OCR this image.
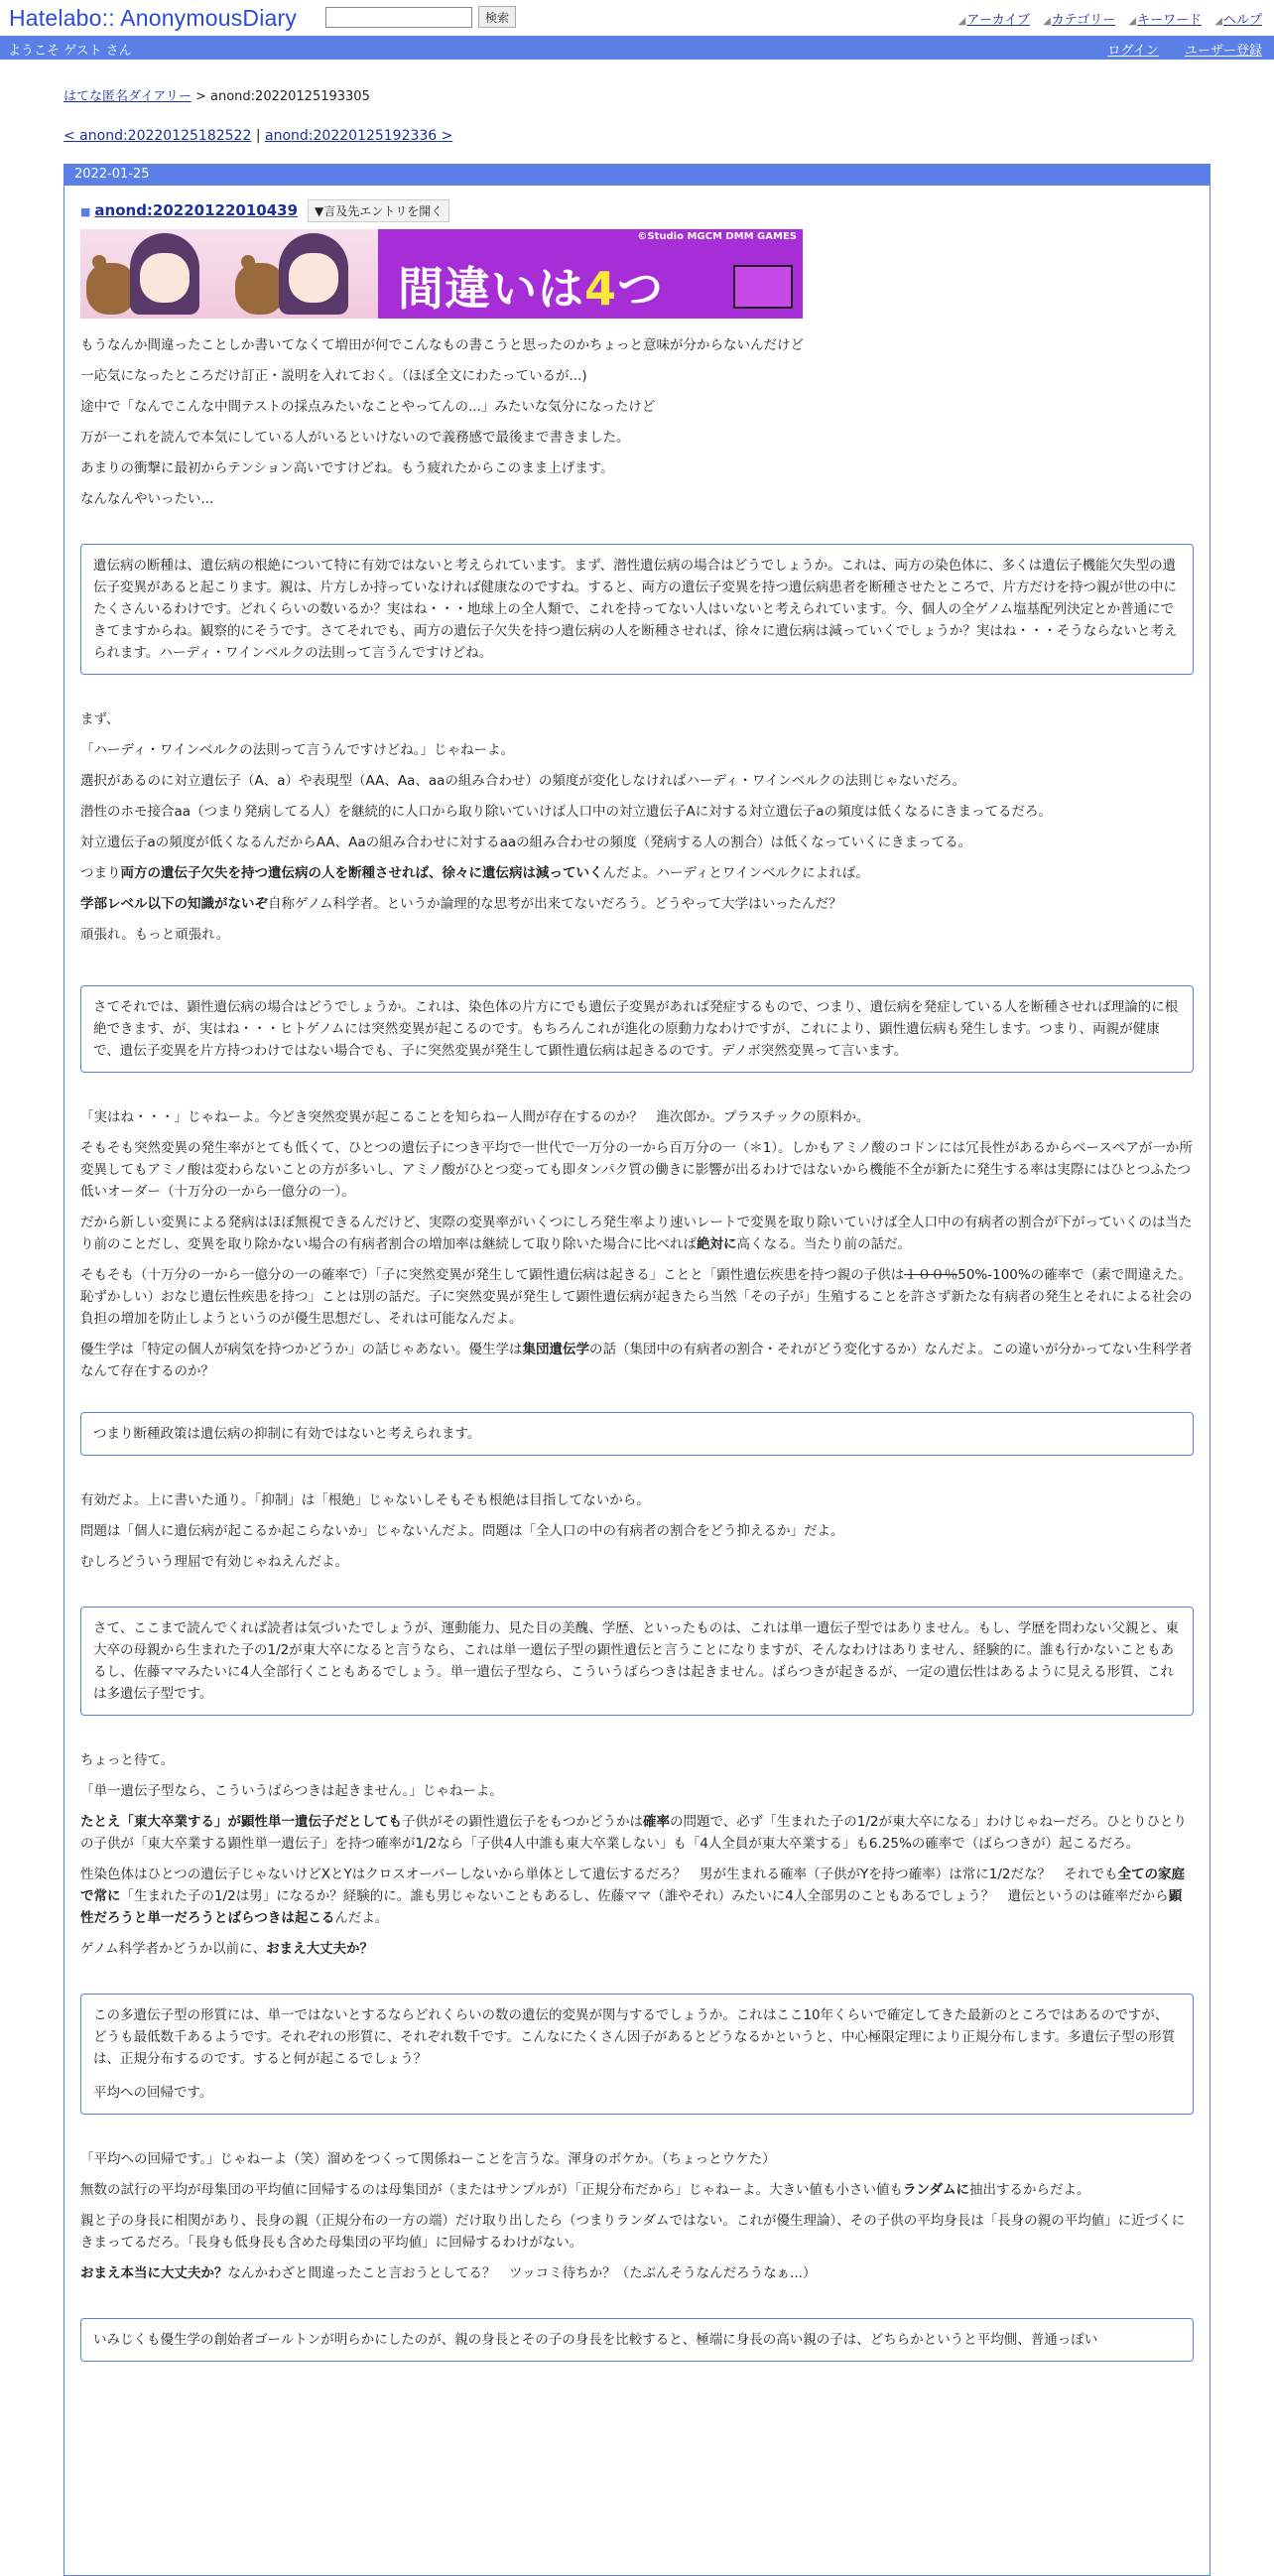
Hatelabo:: AnonymousDiary	検索	◢アーカイブ ◢カテゴリー ◢キーワード ◢ヘルプ
ようこそ ゲスト さん	ログイン ユーザー登録
はてな匿名ダイアリー > anond:20220125193305
< anond:20220125182522 | anond:20220125192336 >
2022-01-25
■ anond:20220122010439 ▼言及先エントリを開く
©Studio MGCM DMM GAMES
間違いは4つ

もうなんか間違ったことしか書いてなくて増田が何でこんなもの書こうと思ったのかちょっと意味が分からないんだけど

一応気になったところだけ訂正・説明を入れておく。（ほぼ全文にわたっているが...)

途中で「なんでこんな中間テストの採点みたいなことやってんの...」みたいな気分になったけど

万が一これを読んで本気にしている人がいるといけないので義務感で最後まで書きました。

あまりの衝撃に最初からテンション高いですけどね。もう疲れたからこのまま上げます。

なんなんやいったい...

遺伝病の断種は、遺伝病の根絶について特に有効ではないと考えられています。まず、潜性遺伝病の場合はどうでしょうか。これは、両方の染色体に、多くは遺伝子機能欠失型の遺伝子変異があると起こります。親は、片方しか持っていなければ健康なのですね。すると、両方の遺伝子変異を持つ遺伝病患者を断種させたところで、片方だけを持つ親が世の中にたくさんいるわけです。どれくらいの数いるか？実はね・・・地球上の全人類で、これを持ってない人はいないと考えられています。今、個人の全ゲノム塩基配列決定とか普通にできてますからね。観察的にそうです。さてそれでも、両方の遺伝子欠失を持つ遺伝病の人を断種させれば、徐々に遺伝病は減っていくでしょうか？実はね・・・そうならないと考えられます。ハーディ・ワインベルクの法則って言うんですけどね。

まず、

「ハーディ・ワインベルクの法則って言うんですけどね。」じゃねーよ。

選択があるのに対立遺伝子（A、a）や表現型（AA、Aa、aaの組み合わせ）の頻度が変化しなければハーディ・ワインベルクの法則じゃないだろ。

潜性のホモ接合aa（つまり発病してる人）を継続的に人口から取り除いていけば人口中の対立遺伝子Aに対する対立遺伝子aの頻度は低くなるにきまってるだろ。

対立遺伝子aの頻度が低くなるんだからAA、Aaの組み合わせに対するaaの組み合わせの頻度（発病する人の割合）は低くなっていくにきまってる。

つまり両方の遺伝子欠失を持つ遺伝病の人を断種させれば、徐々に遺伝病は減っていくんだよ。ハーディとワインベルクによれば。

学部レベル以下の知識がないぞ自称ゲノム科学者。というか論理的な思考が出来てないだろう。どうやって大学はいったんだ？

頑張れ。もっと頑張れ。

さてそれでは、顕性遺伝病の場合はどうでしょうか。これは、染色体の片方にでも遺伝子変異があれば発症するもので、つまり、遺伝病を発症している人を断種させれば理論的に根絶できます、が、実はね・・・ヒトゲノムには突然変異が起こるのです。もちろんこれが進化の原動力なわけですが、これにより、顕性遺伝病も発生します。つまり、両親が健康で、遺伝子変異を片方持つわけではない場合でも、子に突然変異が発生して顕性遺伝病は起きるのです。デノボ突然変異って言います。

「実はね・・・」じゃねーよ。今どき突然変異が起こることを知らねー人間が存在するのか？　進次郎か。プラスチックの原料か。

そもそも突然変異の発生率がとても低くて、ひとつの遺伝子につき平均で一世代で一万分の一から百万分の一（＊1）。しかもアミノ酸のコドンには冗長性があるからベースペアが一か所変異してもアミノ酸は変わらないことの方が多いし、アミノ酸がひとつ変っても即タンパク質の働きに影響が出るわけではないから機能不全が新たに発生する率は実際にはひとつふたつ低いオーダー（十万分の一から一億分の一）。

だから新しい変異による発病はほぼ無視できるんだけど、実際の変異率がいくつにしろ発生率より速いレートで変異を取り除いていけば全人口中の有病者の割合が下がっていくのは当たり前のことだし、変異を取り除かない場合の有病者割合の増加率は継続して取り除いた場合に比べれば絶対に高くなる。当たり前の話だ。

そもそも（十万分の一から一億分の一の確率で）「子に突然変異が発生して顕性遺伝病は起きる」ことと「顕性遺伝疾患を持つ親の子供は１００％50%-100%の確率で（素で間違えた。恥ずかしい）おなじ遺伝性疾患を持つ」ことは別の話だ。子に突然変異が発生して顕性遺伝病が起きたら当然「その子が」生殖することを許さず新たな有病者の発生とそれによる社会の負担の増加を防止しようというのが優生思想だし、それは可能なんだよ。

優生学は「特定の個人が病気を持つかどうか」の話じゃあない。優生学は集団遺伝学の話（集団中の有病者の割合・それがどう変化するか）なんだよ。この違いが分かってない生科学者なんて存在するのか？

つまり断種政策は遺伝病の抑制に有効ではないと考えられます。

有効だよ。上に書いた通り。「抑制」は「根絶」じゃないしそもそも根絶は目指してないから。

問題は「個人に遺伝病が起こるか起こらないか」じゃないんだよ。問題は「全人口の中の有病者の割合をどう抑えるか」だよ。

むしろどういう理屈で有効じゃねえんだよ。

さて、ここまで読んでくれば読者は気づいたでしょうが、運動能力、見た目の美醜、学歴、といったものは、これは単一遺伝子型ではありません。もし、学歴を問わない父親と、東大卒の母親から生まれた子の1/2が東大卒になると言うなら、これは単一遺伝子型の顕性遺伝と言うことになりますが、そんなわけはありません、経験的に。誰も行かないこともあるし、佐藤ママみたいに4人全部行くこともあるでしょう。単一遺伝子型なら、こういうばらつきは起きません。ばらつきが起きるが、一定の遺伝性はあるように見える形質、これは多遺伝子型です。

ちょっと待て。

「単一遺伝子型なら、こういうばらつきは起きません。」じゃねーよ。

たとえ「東大卒業する」が顕性単一遺伝子だとしても子供がその顕性遺伝子をもつかどうかは確率の問題で、必ず「生まれた子の1/2が東大卒になる」わけじゃねーだろ。ひとりひとりの子供が「東大卒業する顕性単一遺伝子」を持つ確率が1/2なら「子供4人中誰も東大卒業しない」も「4人全員が東大卒業する」も6.25%の確率で（ばらつきが）起こるだろ。

性染色体はひとつの遺伝子じゃないけどXとYはクロスオーバーしないから単体として遺伝するだろ？　男が生まれる確率（子供がYを持つ確率）は常に1/2だな？　それでも全ての家庭で常に「生まれた子の1/2は男」になるか？経験的に。誰も男じゃないこともあるし、佐藤ママ（誰やそれ）みたいに4人全部男のこともあるでしょう？　遺伝というのは確率だから顕性だろうと単一だろうとばらつきは起こるんだよ。

ゲノム科学者かどうか以前に、おまえ大丈夫か？

この多遺伝子型の形質には、単一ではないとするならどれくらいの数の遺伝的変異が関与するでしょうか。これはここ10年くらいで確定してきた最新のところではあるのですが、どうも最低数千あるようです。それぞれの形質に、それぞれ数千です。こんなにたくさん因子があるとどうなるかというと、中心極限定理により正規分布します。多遺伝子型の形質は、正規分布するのです。すると何が起こるでしょう？
平均への回帰です。

「平均への回帰です。」じゃねーよ（笑）溜めをつくって関係ねーことを言うな。渾身のボケか。（ちょっとウケた）

無数の試行の平均が母集団の平均値に回帰するのは母集団が（またはサンプルが）「正規分布だから」じゃねーよ。大きい値も小さい値もランダムに抽出するからだよ。

親と子の身長に相関があり、長身の親（正規分布の一方の端）だけ取り出したら（つまりランダムではない。これが優生理論）、その子供の平均身長は「長身の親の平均値」に近づくにきまってるだろ。「長身も低身長も含めた母集団の平均値」に回帰するわけがない。

おまえ本当に大丈夫か？なんかわざと間違ったこと言おうとしてる？　ツッコミ待ちか？（たぶんそうなんだろうなぁ...）

いみじくも優生学の創始者ゴールトンが明らかにしたのが、親の身長とその子の身長を比較すると、極端に身長の高い親の子は、どちらかというと平均側、普通っぽい
